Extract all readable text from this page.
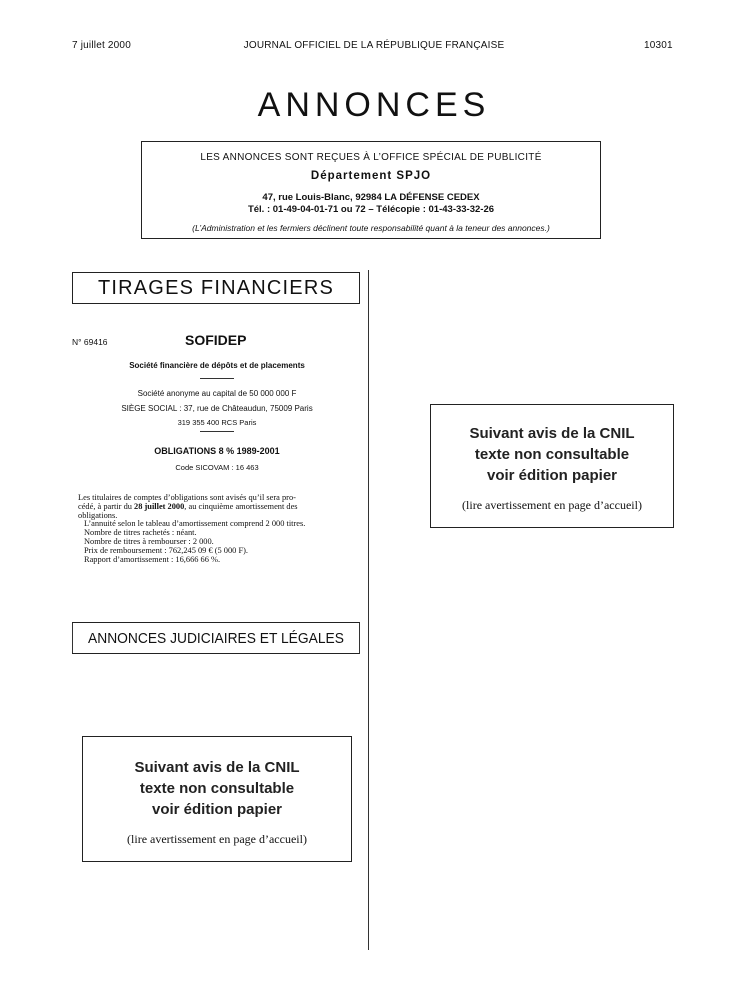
7 juillet 2000	JOURNAL OFFICIEL DE LA RÉPUBLIQUE FRANÇAISE	10301
ANNONCES
LES ANNONCES SONT REÇUES À L’OFFICE SPÉCIAL DE PUBLICITÉ
Département SPJO
47, rue Louis-Blanc, 92984 LA DÉFENSE CEDEX
Tél. : 01-49-04-01-71 ou 72 – Télécopie : 01-43-33-32-26
(L’Administration et les fermiers déclinent toute responsabilité quant à la teneur des annonces.)
TIRAGES FINANCIERS
N° 69416	SOFIDEP
Société financière de dépôts et de placements
Société anonyme au capital de 50 000 000 F
SIÈGE SOCIAL : 37, rue de Châteaudun, 75009 Paris
319 355 400 RCS Paris
OBLIGATIONS 8 % 1989-2001
Code SICOVAM : 16 463
Les titulaires de comptes d’obligations sont avisés qu’il sera pro-
cédé, à partir du 28 juillet 2000, au cinquième amortissement des
obligations.
L’annuité selon le tableau d’amortissement comprend 2 000 titres.
Nombre de titres rachetés : néant.
Nombre de titres à rembourser : 2 000.
Prix de remboursement : 762,245 09 € (5 000 F).
Rapport d’amortissement : 16,666 66 %.
ANNONCES JUDICIAIRES ET LÉGALES
Suivant avis de la CNIL
texte non consultable
voir édition papier
(lire avertissement en page d’accueil)
Suivant avis de la CNIL
texte non consultable
voir édition papier
(lire avertissement en page d’accueil)
